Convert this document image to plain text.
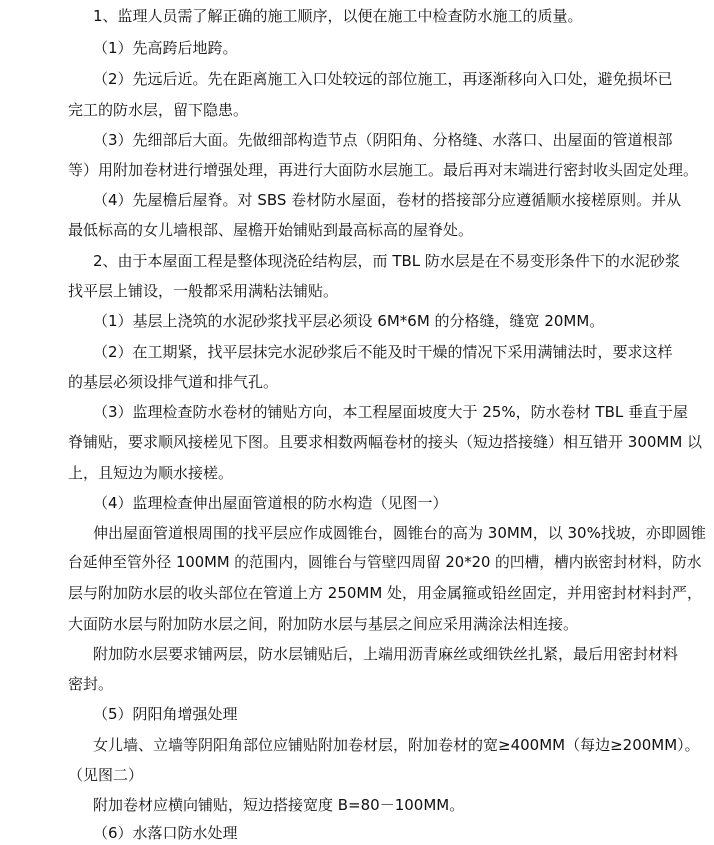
1、监理人员需了解正确的施工顺序，以便在施工中检查防水施工的质量。
（1）先高跨后地跨。
（2）先远后近。先在距离施工入口处较远的部位施工，再逐渐移向入口处，避免损坏已
完工的防水层，留下隐患。
（3）先细部后大面。先做细部构造节点（阴阳角、分格缝、水落口、出屋面的管道根部
等）用附加卷材进行增强处理，再进行大面防水层施工。最后再对末端进行密封收头固定处理。
（4）先屋檐后屋脊。对 SBS 卷材防水屋面，卷材的搭接部分应遵循顺水接槎原则。并从
最低标高的女儿墙根部、屋檐开始铺贴到最高标高的屋脊处。
2、由于本屋面工程是整体现浇砼结构层，而 TBL 防水层是在不易变形条件下的水泥砂浆
找平层上铺设，一般都采用满粘法铺贴。
（1）基层上浇筑的水泥砂浆找平层必须设 6M*6M 的分格缝，缝宽 20MM。
（2）在工期紧，找平层抹完水泥砂浆后不能及时干燥的情况下采用满铺法时，要求这样
的基层必须设排气道和排气孔。
（3）监理检查防水卷材的铺贴方向，本工程屋面坡度大于 25%，防水卷材 TBL 垂直于屋
脊铺贴，要求顺风接槎见下图。且要求相数两幅卷材的接头（短边搭接缝）相互错开 300MM 以
上，且短边为顺水接槎。
（4）监理检查伸出屋面管道根的防水构造（见图一）
伸出屋面管道根周围的找平层应作成圆锥台，圆锥台的高为 30MM，以 30%找坡，亦即圆锥
台延伸至管外径 100MM 的范围内，圆锥台与管壁四周留 20*20 的凹槽，槽内嵌密封材料，防水
层与附加防水层的收头部位在管道上方 250MM 处，用金属箍或铅丝固定，并用密封材料封严，
大面防水层与附加防水层之间，附加防水层与基层之间应采用满涂法相连接。
附加防水层要求铺两层，防水层铺贴后，上端用沥青麻丝或细铁丝扎紧，最后用密封材料
密封。
（5）阴阳角增强处理
女儿墙、立墙等阴阳角部位应铺贴附加卷材层，附加卷材的宽≥400MM（每边≥200MM）。
（见图二）
附加卷材应横向铺贴，短边搭接宽度 B=80－100MM。
（6）水落口防水处理
